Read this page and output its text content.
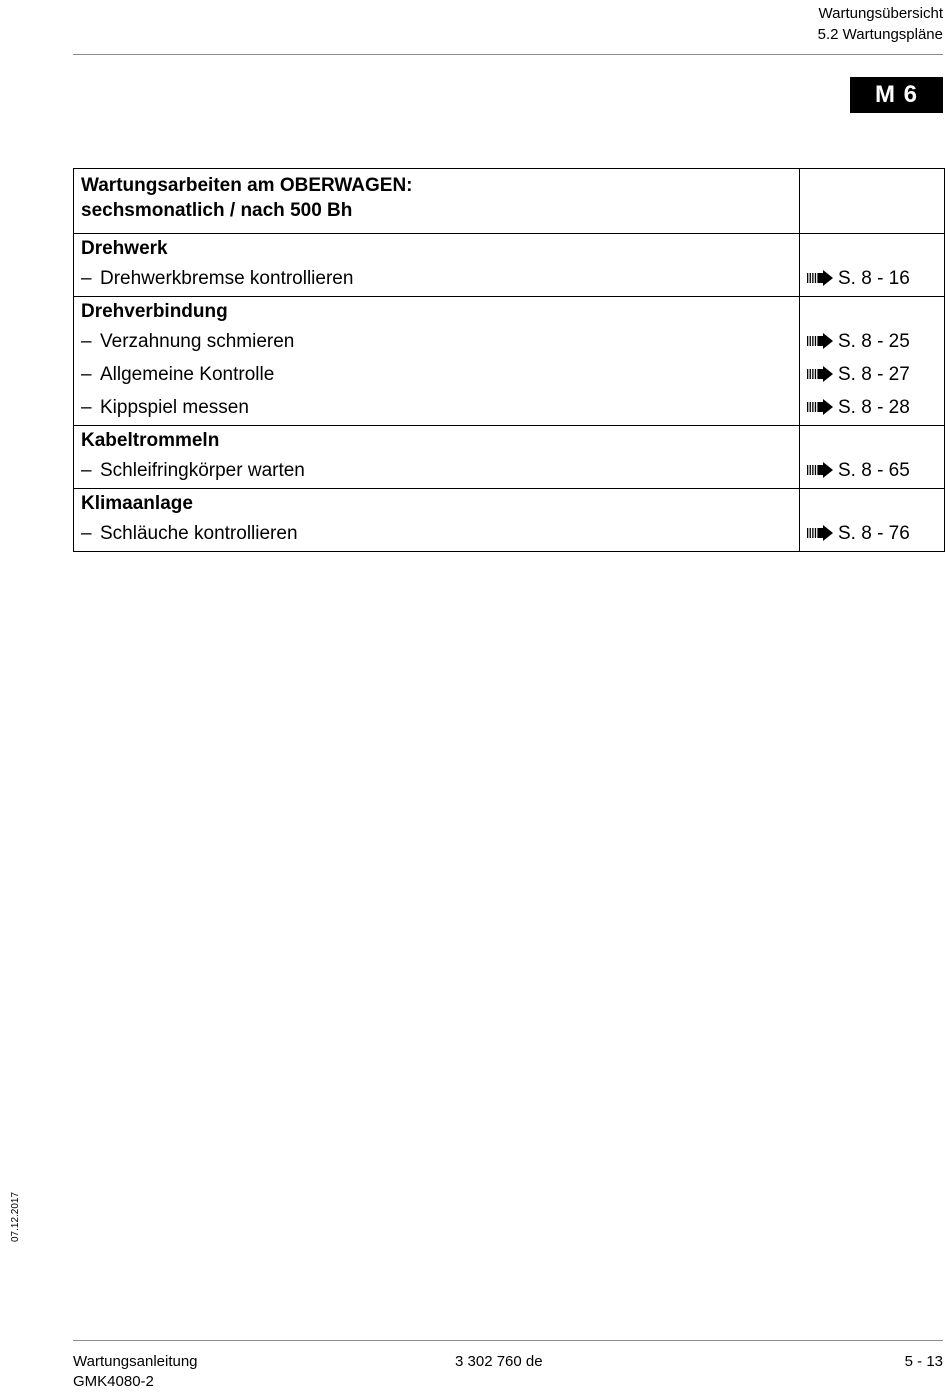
Wartungsübersicht
5.2 Wartungspläne
M 6
Wartungsarbeiten am OBERWAGEN:
sechsmonatlich / nach 500 Bh	

Drehwerk	
– Drehwerkbremse kontrollieren	S. 8 - 16
Drehverbindung	
– Verzahnung schmieren	S. 8 - 25
– Allgemeine Kontrolle	S. 8 - 27
– Kippspiel messen	S. 8 - 28
Kabeltrommeln	
– Schleifringkörper warten	S. 8 - 65
Klimaanlage	
– Schläuche kontrollieren	S. 8 - 76
07.12.2017
Wartungsanleitung
GMK4080-2
3 302 760 de	5 - 13
